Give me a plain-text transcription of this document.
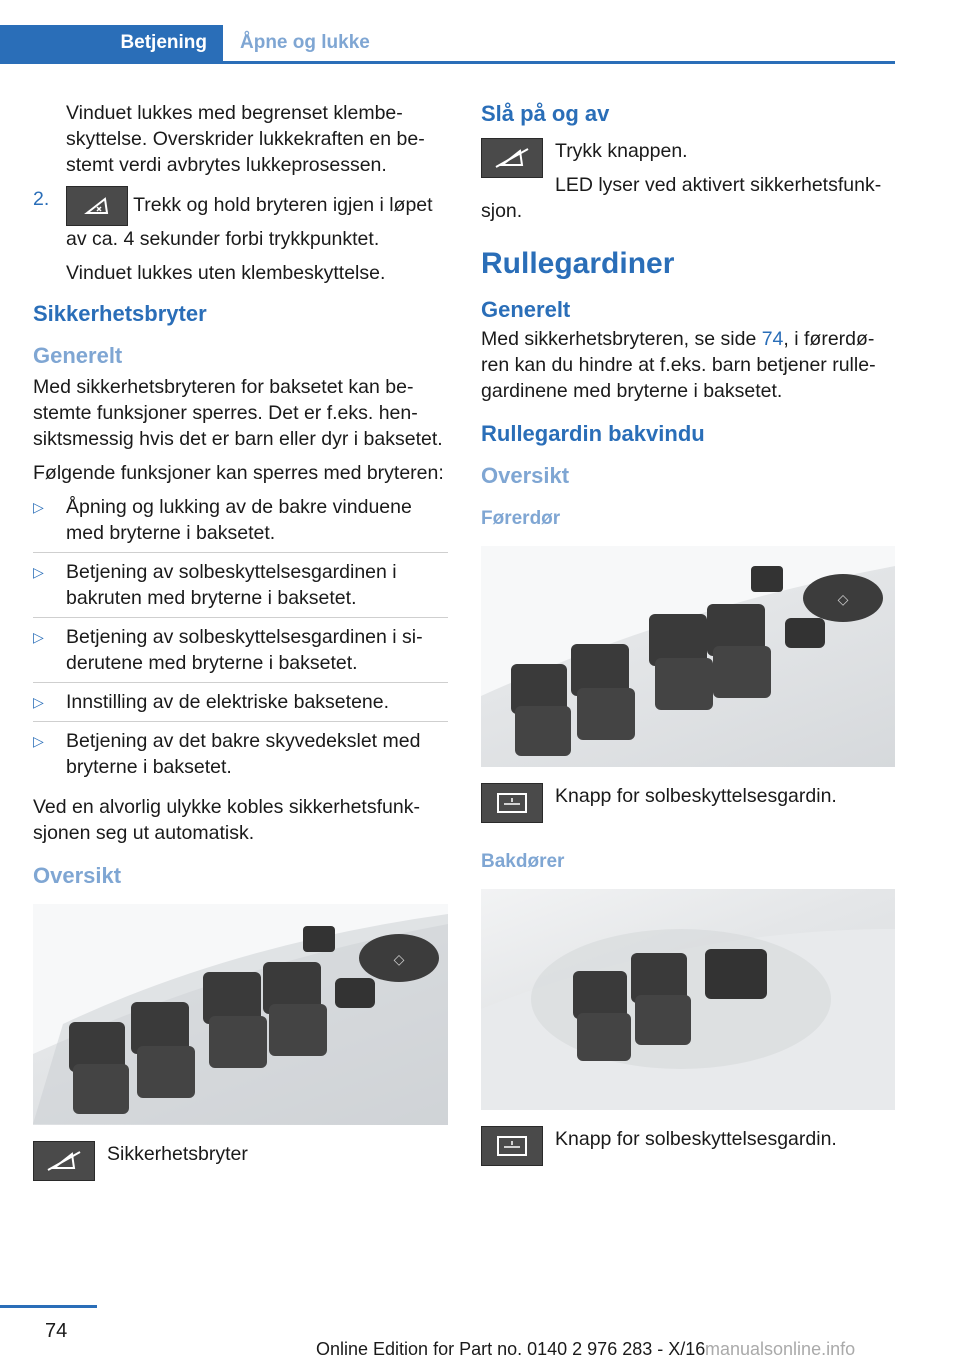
Betjening	Åpne og lukke

Vinduet lukkes med begrenset klembeskyttelse. Overskrider lukkekraften en bestemt verdi avbrytes lukkeprosessen.

2.	Trekk og hold bryteren igjen i løpet av ca. 4 sekunder forbi trykkpunktet.

Vinduet lukkes uten klembeskyttelse.

Sikkerhetsbryter
Generelt

Med sikkerhetsbryteren for baksetet kan bestemte funksjoner sperres. Det er f.eks. hensiktsmessig hvis det er barn eller dyr i baksetet.

Følgende funksjoner kan sperres med bryteren:

▷ Åpning og lukking av de bakre vinduene med bryterne i baksetet.
▷ Betjening av solbeskyttelsesgardinen i bakruten med bryterne i baksetet.
▷ Betjening av solbeskyttelsesgardinen i siderutene med bryterne i baksetet.
▷ Innstilling av de elektriske baksetene.
▷ Betjening av det bakre skyvedekslet med bryterne i baksetet.

Ved en alvorlig ulykke kobles sikkerhetsfunksjonen seg ut automatisk.

Oversikt
◇
Sikkerhetsbryter
Slå på og av

Trykk knappen.

LED lyser ved aktivert sikkerhetsfunksjon.

Rullegardiner
Generelt

Med sikkerhetsbryteren, se side 74, i førerdøren kan du hindre at f.eks. barn betjener rullegardinene med bryterne i baksetet.

Rullegardin bakvindu
Oversikt
Førerdør
◇
Knapp for solbeskyttelsesgardin.
Bakdører
Knapp for solbeskyttelsesgardin.
74
Online Edition for Part no. 0140 2 976 283 - X/16 manualsonline.info
